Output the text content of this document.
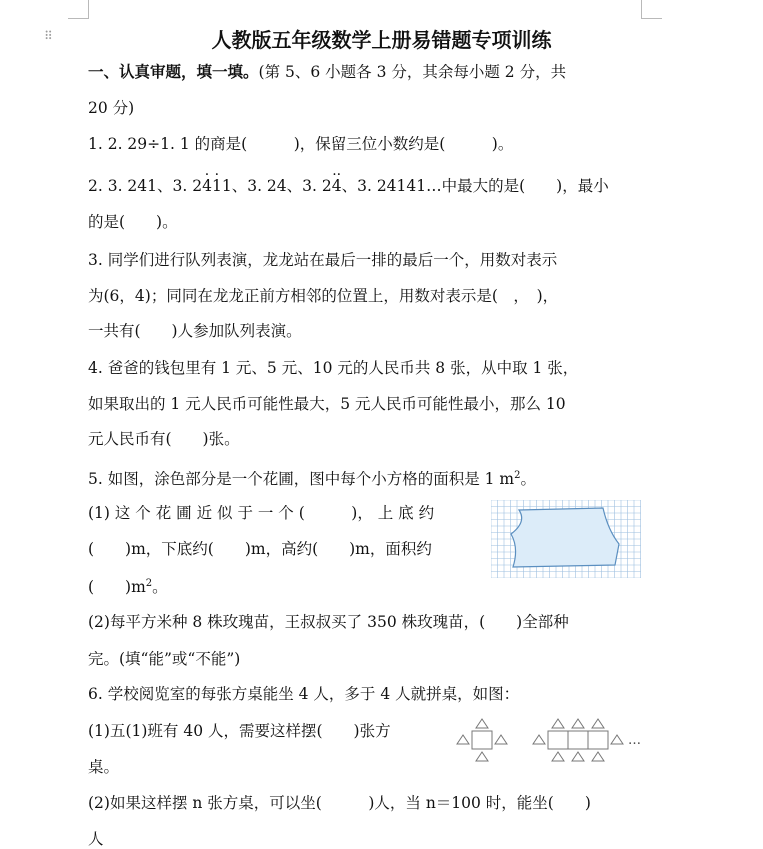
⠿	人教版五年级数学上册易错题专项训练
一、认真审题，填一填。(第 5、6 小题各 3 分，其余每小题 2 分，共
20 分)
1. 2. 29÷1. 1 的商是(　　　)，保留三位小数约是(　　　)。
2. 3. 241、3. 2· 4· 11、3. 24、3. 2·· 4、3. 24141…中最大的是(　　)，最小
的是(　　)。
3. 同学们进行队列表演，龙龙站在最后一排的最后一个，用数对表示
为(6，4)；同同在龙龙正前方相邻的位置上，用数对表示是(　，　)，
一共有(　　)人参加队列表演。
4. 爸爸的钱包里有 1 元、5 元、10 元的人民币共 8 张，从中取 1 张，
如果取出的 1 元人民币可能性最大，5 元人民币可能性最小，那么 10
元人民币有(　　)张。
5. 如图，涂色部分是一个花圃，图中每个小方格的面积是 1 $m^2$。
(1) 这 个 花 圃 近 似 于 一 个 (　　　)， 上 底 约
(　　)m，下底约(　　)m，高约(　　)m，面积约
(　　)$m^2$。
(2)每平方米种 8 株玫瑰苗，王叔叔买了 350 株玫瑰苗，(　　)全部种
完。(填“能”或“不能”)
6. 学校阅览室的每张方桌能坐 4 人，多于 4 人就拼桌，如图：
(1)五(1)班有 40 人，需要这样摆(　　)张方
桌。
…
(2)如果这样摆 n 张方桌，可以坐(　　　)人，当 n＝100 时，能坐(　　)
人
